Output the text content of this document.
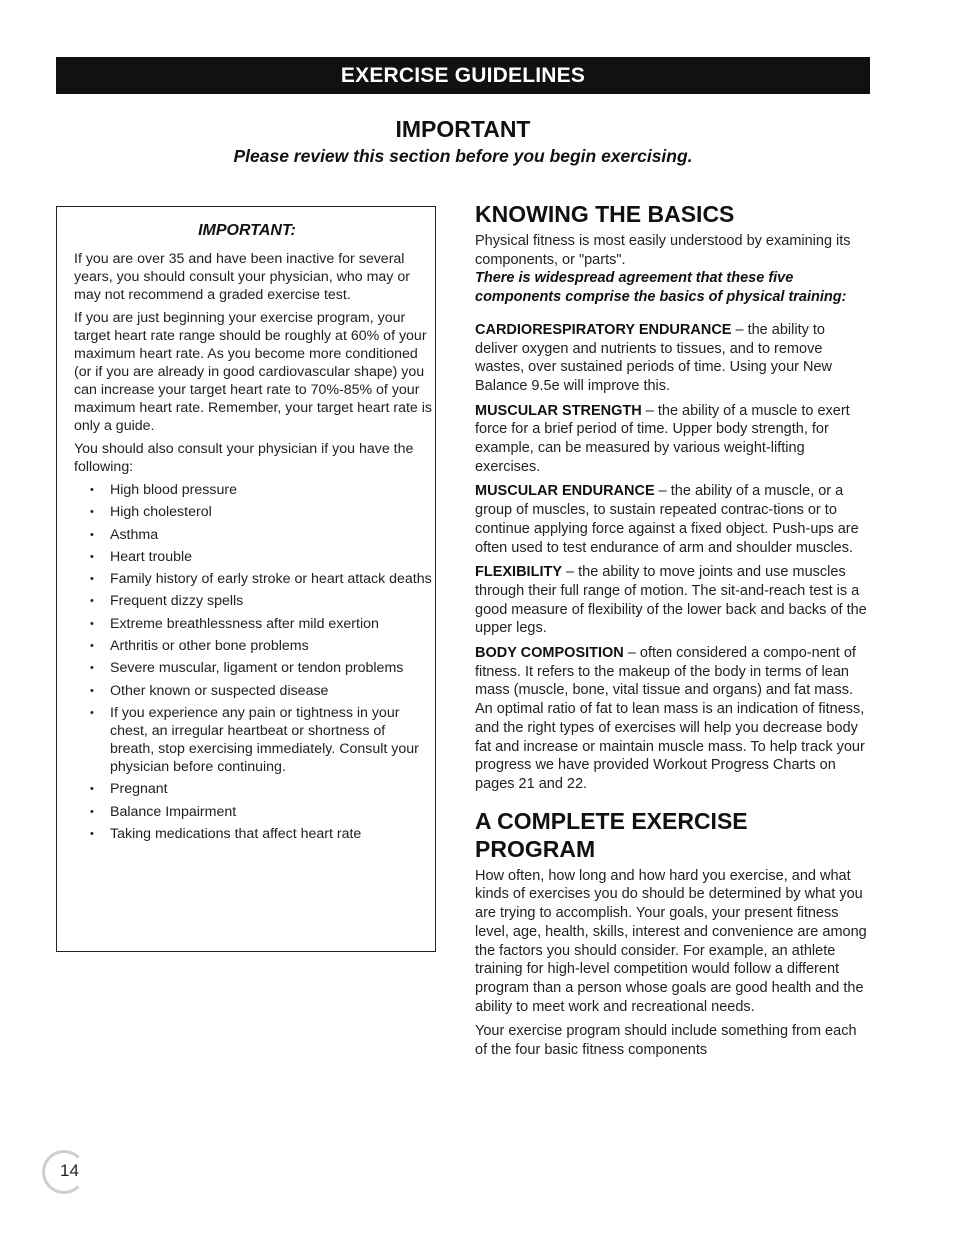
EXERCISE GUIDELINES
IMPORTANT
Please review this section before you begin exercising.
IMPORTANT:

If you are over 35 and have been inactive for several years, you should consult your physician, who may or may not recommend a graded exercise test.

If you are just beginning your exercise program, your target heart rate range should be roughly at 60% of your maximum heart rate. As you become more conditioned (or if you are already in good cardiovascular shape) you can increase your target heart rate to 70%-85% of your maximum heart rate. Remember, your target heart rate is only a guide.

You should also consult your physician if you have the following:

• High blood pressure
• High cholesterol
• Asthma
• Heart trouble
• Family history of early stroke or heart attack deaths
• Frequent dizzy spells
• Extreme breathlessness after mild exertion
• Arthritis or other bone problems
• Severe muscular, ligament or tendon problems
• Other known or suspected disease
• If you experience any pain or tightness in your chest, an irregular heartbeat or shortness of breath, stop exercising immediately. Consult your physician before continuing.
• Pregnant
• Balance Impairment
• Taking medications that affect heart rate
KNOWING THE BASICS

Physical fitness is most easily understood by examining its components, or "parts".

There is widespread agreement that these five components comprise the basics of physical training:

CARDIORESPIRATORY ENDURANCE – the ability to deliver oxygen and nutrients to tissues, and to remove wastes, over sustained periods of time. Using your New Balance 9.5e will improve this.

MUSCULAR STRENGTH – the ability of a muscle to exert force for a brief period of time. Upper body strength, for example, can be measured by various weight-lifting exercises.

MUSCULAR ENDURANCE – the ability of a muscle, or a group of muscles, to sustain repeated contrac-tions or to continue applying force against a fixed object. Push-ups are often used to test endurance of arm and shoulder muscles.

FLEXIBILITY – the ability to move joints and use muscles through their full range of motion. The sit-and-reach test is a good measure of flexibility of the lower back and backs of the upper legs.

BODY COMPOSITION – often considered a compo-nent of fitness. It refers to the makeup of the body in terms of lean mass (muscle, bone, vital tissue and organs) and fat mass. An optimal ratio of fat to lean mass is an indication of fitness, and the right types of exercises will help you decrease body fat and increase or maintain muscle mass. To help track your progress we have provided Workout Progress Charts on pages 21 and 22.

A COMPLETE EXERCISE PROGRAM

How often, how long and how hard you exercise, and what kinds of exercises you do should be determined by what you are trying to accomplish. Your goals, your present fitness level, age, health, skills, interest and convenience are among the factors you should consider. For example, an athlete training for high-level competition would follow a different program than a person whose goals are good health and the ability to meet work and recreational needs.

Your exercise program should include something from each of the four basic fitness components

14
